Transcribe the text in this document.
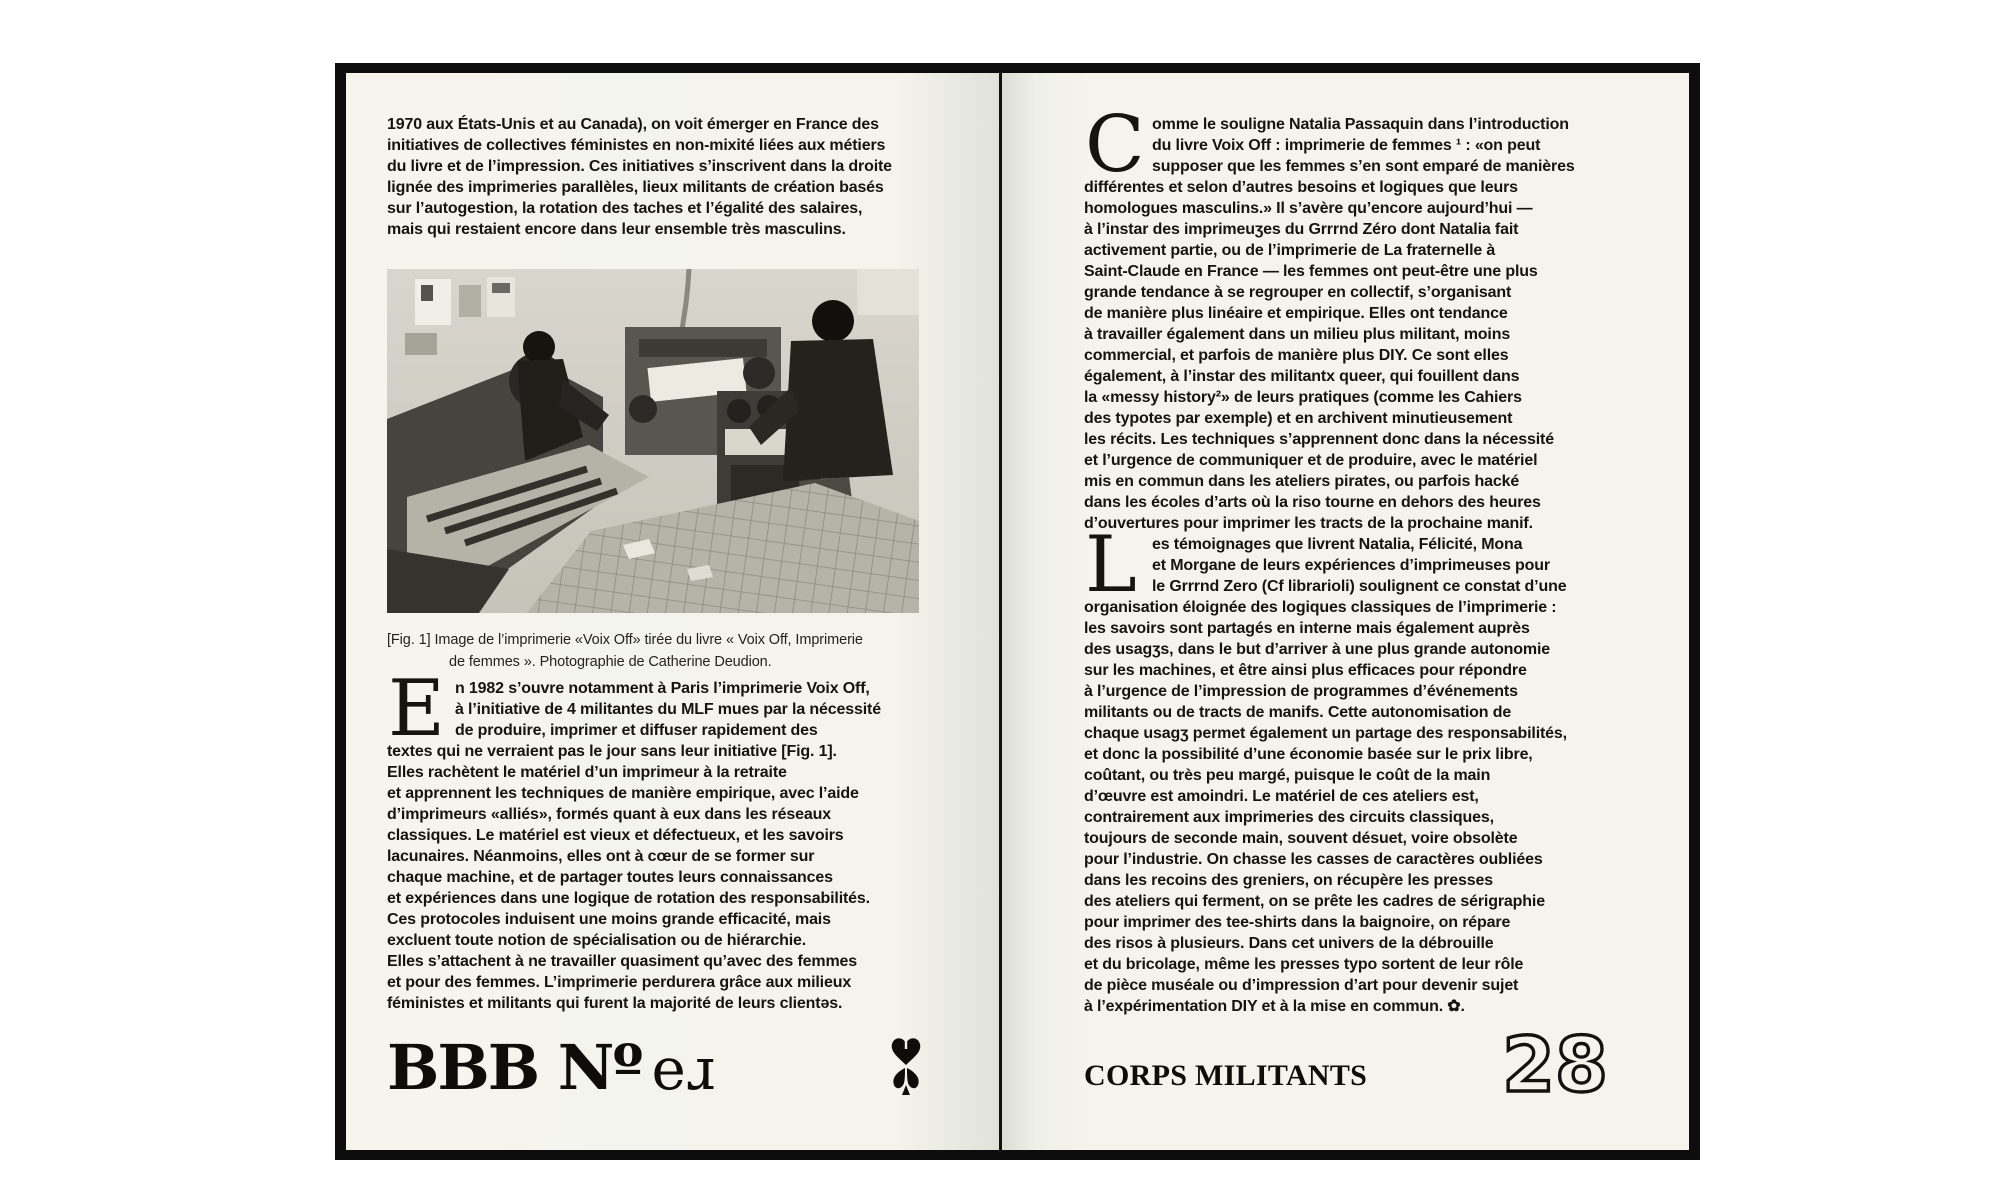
1970 aux États-Unis et au Canada), on voit émerger en France des
initiatives de collectives féministes en non-mixité liées aux métiers
du livre et de l’impression. Ces initiatives s’inscrivent dans la droite
lignée des imprimeries parallèles, lieux militants de création basés
sur l’autogestion, la rotation des taches et l’égalité des salaires,
mais qui restaient encore dans leur ensemble très masculins.
[Fig. 1] Image de l’imprimerie «Voix Off» tirée du livre « Voix Off, Imprimerie
de femmes ». Photographie de Catherine Deudion.
E n 1982 s’ouvre notamment à Paris l’imprimerie Voix Off,
à l’initiative de 4 militantes du MLF mues par la nécessité
de produire, imprimer et diffuser rapidement des
textes qui ne verraient pas le jour sans leur initiative [Fig. 1].
Elles rachètent le matériel d’un imprimeur à la retraite
et apprennent les techniques de manière empirique, avec l’aide
d’imprimeurs «alliés», formés quant à eux dans les réseaux
classiques. Le matériel est vieux et défectueux, et les savoirs
lacunaires. Néanmoins, elles ont à cœur de se former sur
chaque machine, et de partager toutes leurs connaissances
et expériences dans une logique de rotation des responsabilités.
Ces protocoles induisent une moins grande efficacité, mais
excluent toute notion de spécialisation ou de hiérarchie.
Elles s’attachent à ne travailler quasiment qu’avec des femmes
et pour des femmes. L’imprimerie perdurera grâce aux milieux
féministes et militants qui furent la majorité de leurs clientǝs.
BBB Nº eɹ
C omme le souligne Natalia Passaquin dans l’introduction
du livre Voix Off : imprimerie de femmes ¹ : «on peut
supposer que les femmes s’en sont emparé de manières
différentes et selon d’autres besoins et logiques que leurs
homologues masculins.» Il s’avère qu’encore aujourd’hui —
à l’instar des imprimeuʒes du Grrrnd Zéro dont Natalia fait
activement partie, ou de l’imprimerie de La fraternelle à
Saint-Claude en France — les femmes ont peut-être une plus
grande tendance à se regrouper en collectif, s’organisant
de manière plus linéaire et empirique. Elles ont tendance
à travailler également dans un milieu plus militant, moins
commercial, et parfois de manière plus DIY. Ce sont elles
également, à l’instar des militantx queer, qui fouillent dans
la «messy history²» de leurs pratiques (comme les Cahiers
des typotes par exemple) et en archivent minutieusement
les récits. Les techniques s’apprennent donc dans la nécessité
et l’urgence de communiquer et de produire, avec le matériel
mis en commun dans les ateliers pirates, ou parfois hacké
dans les écoles d’arts où la riso tourne en dehors des heures
d’ouvertures pour imprimer les tracts de la prochaine manif.
L es témoignages que livrent Natalia, Félicité, Mona
et Morgane de leurs expériences d’imprimeuses pour
le Grrrnd Zero (Cf librarioli) soulignent ce constat d’une
organisation éloignée des logiques classiques de l’imprimerie :
les savoirs sont partagés en interne mais également auprès
des usagʒs, dans le but d’arriver à une plus grande autonomie
sur les machines, et être ainsi plus efficaces pour répondre
à l’urgence de l’impression de programmes d’événements
militants ou de tracts de manifs. Cette autonomisation de
chaque usagʒ permet également un partage des responsabilités,
et donc la possibilité d’une économie basée sur le prix libre,
coûtant, ou très peu margé, puisque le coût de la main
d’œuvre est amoindri. Le matériel de ces ateliers est,
contrairement aux imprimeries des circuits classiques,
toujours de seconde main, souvent désuet, voire obsolète
pour l’industrie. On chasse les casses de caractères oubliées
dans les recoins des greniers, on récupère les presses
des ateliers qui ferment, on se prête les cadres de sérigraphie
pour imprimer des tee-shirts dans la baignoire, on répare
des risos à plusieurs. Dans cet univers de la débrouille
et du bricolage, même les presses typo sortent de leur rôle
de pièce muséale ou d’impression d’art pour devenir sujet
à l’expérimentation DIY et à la mise en commun. ✿.
CORPS MILITANTS 28
